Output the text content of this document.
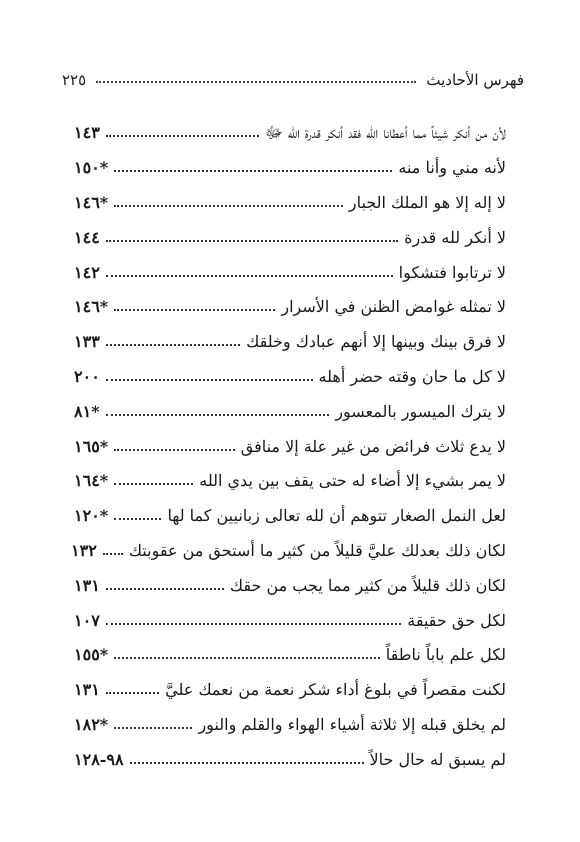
فهرس الأحاديث
٢٢٥
لأن من أنكر شيئاً مما أعطانا الله فقد أنكر قدرة الله ﷻ
١٤٣
لأنه مني وأنا منه
*١٥٠
لا إله إلا هو الملك الجبار
*١٤٦
لا أنكر لله قدرة
١٤٤
لا ترتابوا فتشكوا
١٤٢
لا تمثله غوامض الظنن في الأسرار
*١٤٦
لا فرق بينك وبينها إلا أنهم عبادك وخلقك
١٣٣
لا كل ما حان وقته حضر أهله
٢٠٠
لا يترك الميسور بالمعسور
*٨١
لا يدع ثلاث فرائض من غير علة إلا منافق
*١٦٥
لا يمر بشيء إلا أضاء له حتى يقف بين يدي الله
*١٦٤
لعل النمل الصغار تتوهم أن لله تعالى زبانيين كما لها
*١٢٠
لكان ذلك بعدلك عليَّ قليلاً من كثير ما أستحق من عقوبتك
١٣٢
لكان ذلك قليلاً من كثير مما يجب من حقك
١٣١
لكل حق حقيقة
١٠٧
لكل علم باباً ناطقاً
*١٥٥
لكنت مقصراً في بلوغ أداء شكر نعمة من نعمك عليَّ
١٣١
لم يخلق قبله إلا ثلاثة أشياء الهواء والقلم والنور
*١٨٢
لم يسبق له حال حالاً
٩٨-١٢٨
